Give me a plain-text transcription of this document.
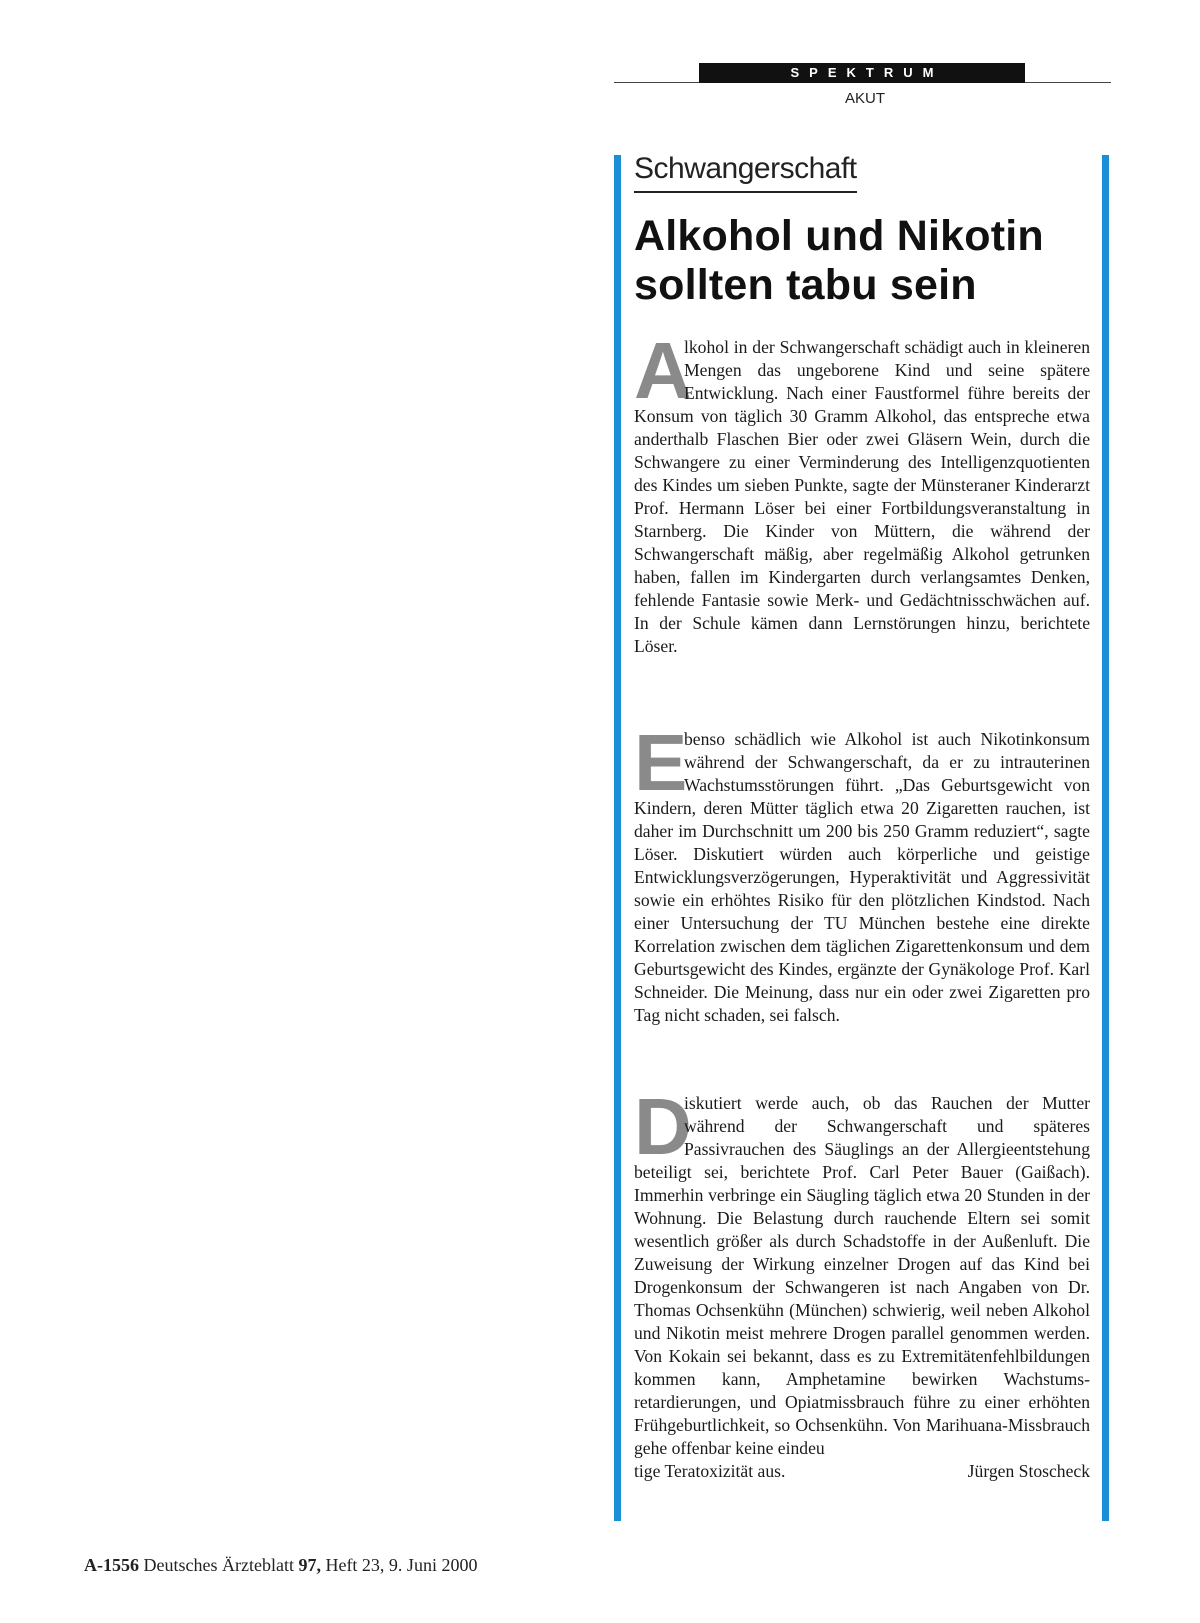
SPEKTRUM
AKUT
Schwangerschaft
Alkohol und Nikotin
sollten tabu sein

A
lkohol in der Schwangerschaft schädigt auch in kleineren Mengen das ungeborene Kind und seine spätere Entwicklung. Nach einer Faustformel führe bereits der Konsum von täglich 30 Gramm Alkohol, das entspreche etwa anderthalb Flaschen Bier oder zwei Gläsern Wein, durch die Schwangere zu einer Verminderung des Intelligenzquotienten des Kindes um sieben Punkte, sagte der Münsteraner Kinderarzt Prof. Hermann Löser bei einer Fortbildungsveranstaltung in Starnberg. Die Kinder von Müttern, die während der Schwangerschaft mäßig, aber regelmäßig Alkohol getrunken haben, fallen im Kindergarten durch verlangsamtes Denken, fehlende Fantasie sowie Merk- und Gedächtnisschwächen auf. In der Schule kämen dann Lernstörungen hinzu, berichtete Löser.

E
benso schädlich wie Alkohol ist auch Nikotinkonsum während der Schwangerschaft, da er zu intrauterinen Wachstumsstörungen führt. „Das Geburtsgewicht von Kindern, deren Mütter täglich etwa 20 Zigaretten rauchen, ist daher im Durchschnitt um 200 bis 250 Gramm reduziert“, sagte Löser. Diskutiert würden auch körperliche und geistige Entwicklungsverzögerungen, Hyperaktivität und Aggressivität sowie ein erhöhtes Risiko für den plötzlichen Kindstod. Nach einer Untersuchung der TU München bestehe eine direkte Korrelation zwischen dem täglichen Zigarettenkonsum und dem Geburtsgewicht des Kindes, ergänzte der Gynäkologe Prof. Karl Schneider. Die Meinung, dass nur ein oder zwei Zigaretten pro Tag nicht schaden, sei falsch.

D
iskutiert werde auch, ob das Rauchen der Mutter während der Schwangerschaft und späteres Passivrauchen des Säuglings an der Allergieentstehung beteiligt sei, berichtete Prof. Carl Peter Bauer (Gaißach). Immerhin verbringe ein Säugling täglich etwa 20 Stunden in der Wohnung. Die Belastung durch rauchende Eltern sei somit wesentlich größer als durch Schadstoffe in der Außenluft. Die Zuweisung der Wirkung einzelner Drogen auf das Kind bei Drogenkonsum der Schwangeren ist nach Angaben von Dr. Thomas Ochsenkühn (München) schwierig, weil neben Alkohol und Nikotin meist mehrere Drogen parallel genommen werden. Von Kokain sei bekannt, dass es zu Extremitätenfehlbildungen kommen kann, Amphetamine bewirken Wachstumsretardierungen, und Opiatmissbrauch führe zu einer erhöhten Frühgeburtlichkeit, so Ochsenkühn. Von Marihuana-Missbrauch gehe offenbar keine eindeu

tige Teratoxizität aus.	Jürgen Stoscheck
A-1556 Deutsches Ärzteblatt 97, Heft 23, 9. Juni 2000
